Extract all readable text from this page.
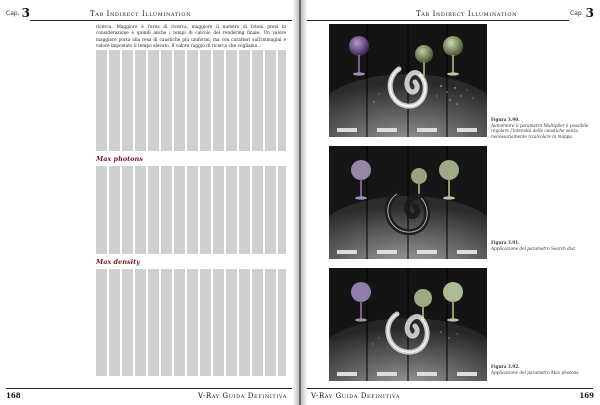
Cap. 3	Tab Indirect Illumination

ricerca. Maggiore è l'area di ricerca, maggiore il numero di fotoni presi in considerazione e quindi anche i tempi di calcolo del rendering finale. Un valore maggiore porta alla resa di caustiche più uniformi, ma con caratteri sull'immagini e valore impostato il tempo elevato. Il valore raggio di ricerca che vogliamo...

Max photons
Max density
168	V-Ray Guida Definitiva
Cap. 3
Tab Indirect Illumination
Figura 3.90.
Aumentare il parametro Multiplier è possibile regolare l'intensità delle caustiche senza necessariamente ricalcolare la mappa.
Figura 3.91.
Applicazione del parametro Search dist.
Figura 3.92.
Applicazione del parametro Max photons.
V-Ray Guida Definitiva	169
